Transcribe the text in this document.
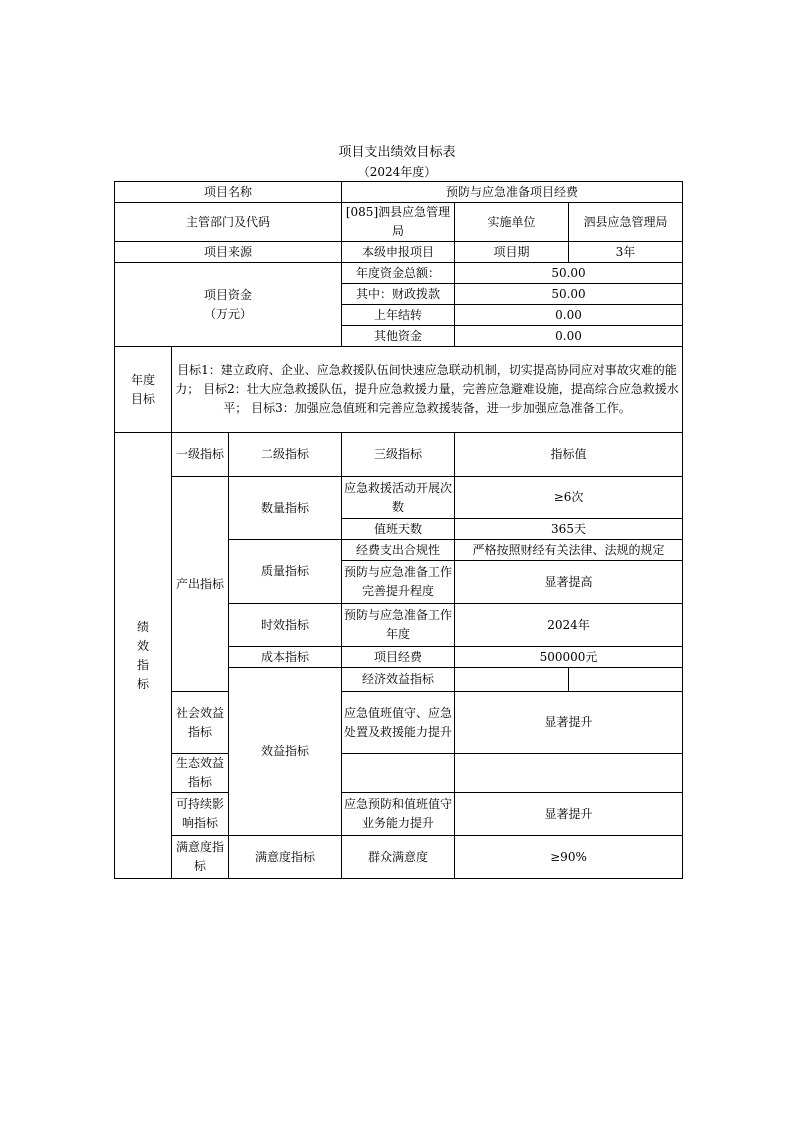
项目支出绩效目标表
（2024年度）
项目名称			预防与应急准备项目经费		
主管部门及代码			[085]泗县应急管理局	实施单位	泗县应急管理局
项目来源			本级申报项目	项目期	3年

项目资金
（万元）			年度资金总额：	50.00	
			其中：财政拨款	50.00	
			上年结转	0.00	
			其他资金	0.00	

年度
目标	目标1：建立政府、企业、应急救援队伍间快速应急联动机制，切实提高协同应对事故灾难的能力； 目标2：壮大应急救援队伍，提升应急救援力量，完善应急避难设施，提高综合应急救援水平； 目标3：加强应急值班和完善应急救援装备，进一步加强应急准备工作。				

绩
效
指
标	一级指标	二级指标	三级指标	指标值	
	产出指标	数量指标	应急救援活动开展次数	≥6次	
			值班天数	365天	
		质量指标	经费支出合规性	严格按照财经有关法律、法规的规定	
			预防与应急准备工作完善提升程度	显著提高	
		时效指标	预防与应急准备工作年度	2024年	
		成本指标	项目经费	500000元	
		效益指标	经济效益指标		
	社会效益指标		应急值班值守、应急处置及救援能力提升	显著提升	
	生态效益指标				
	可持续影响指标		应急预防和值班值守业务能力提升	显著提升	
	满意度指标	满意度指标	群众满意度	≥90%	
